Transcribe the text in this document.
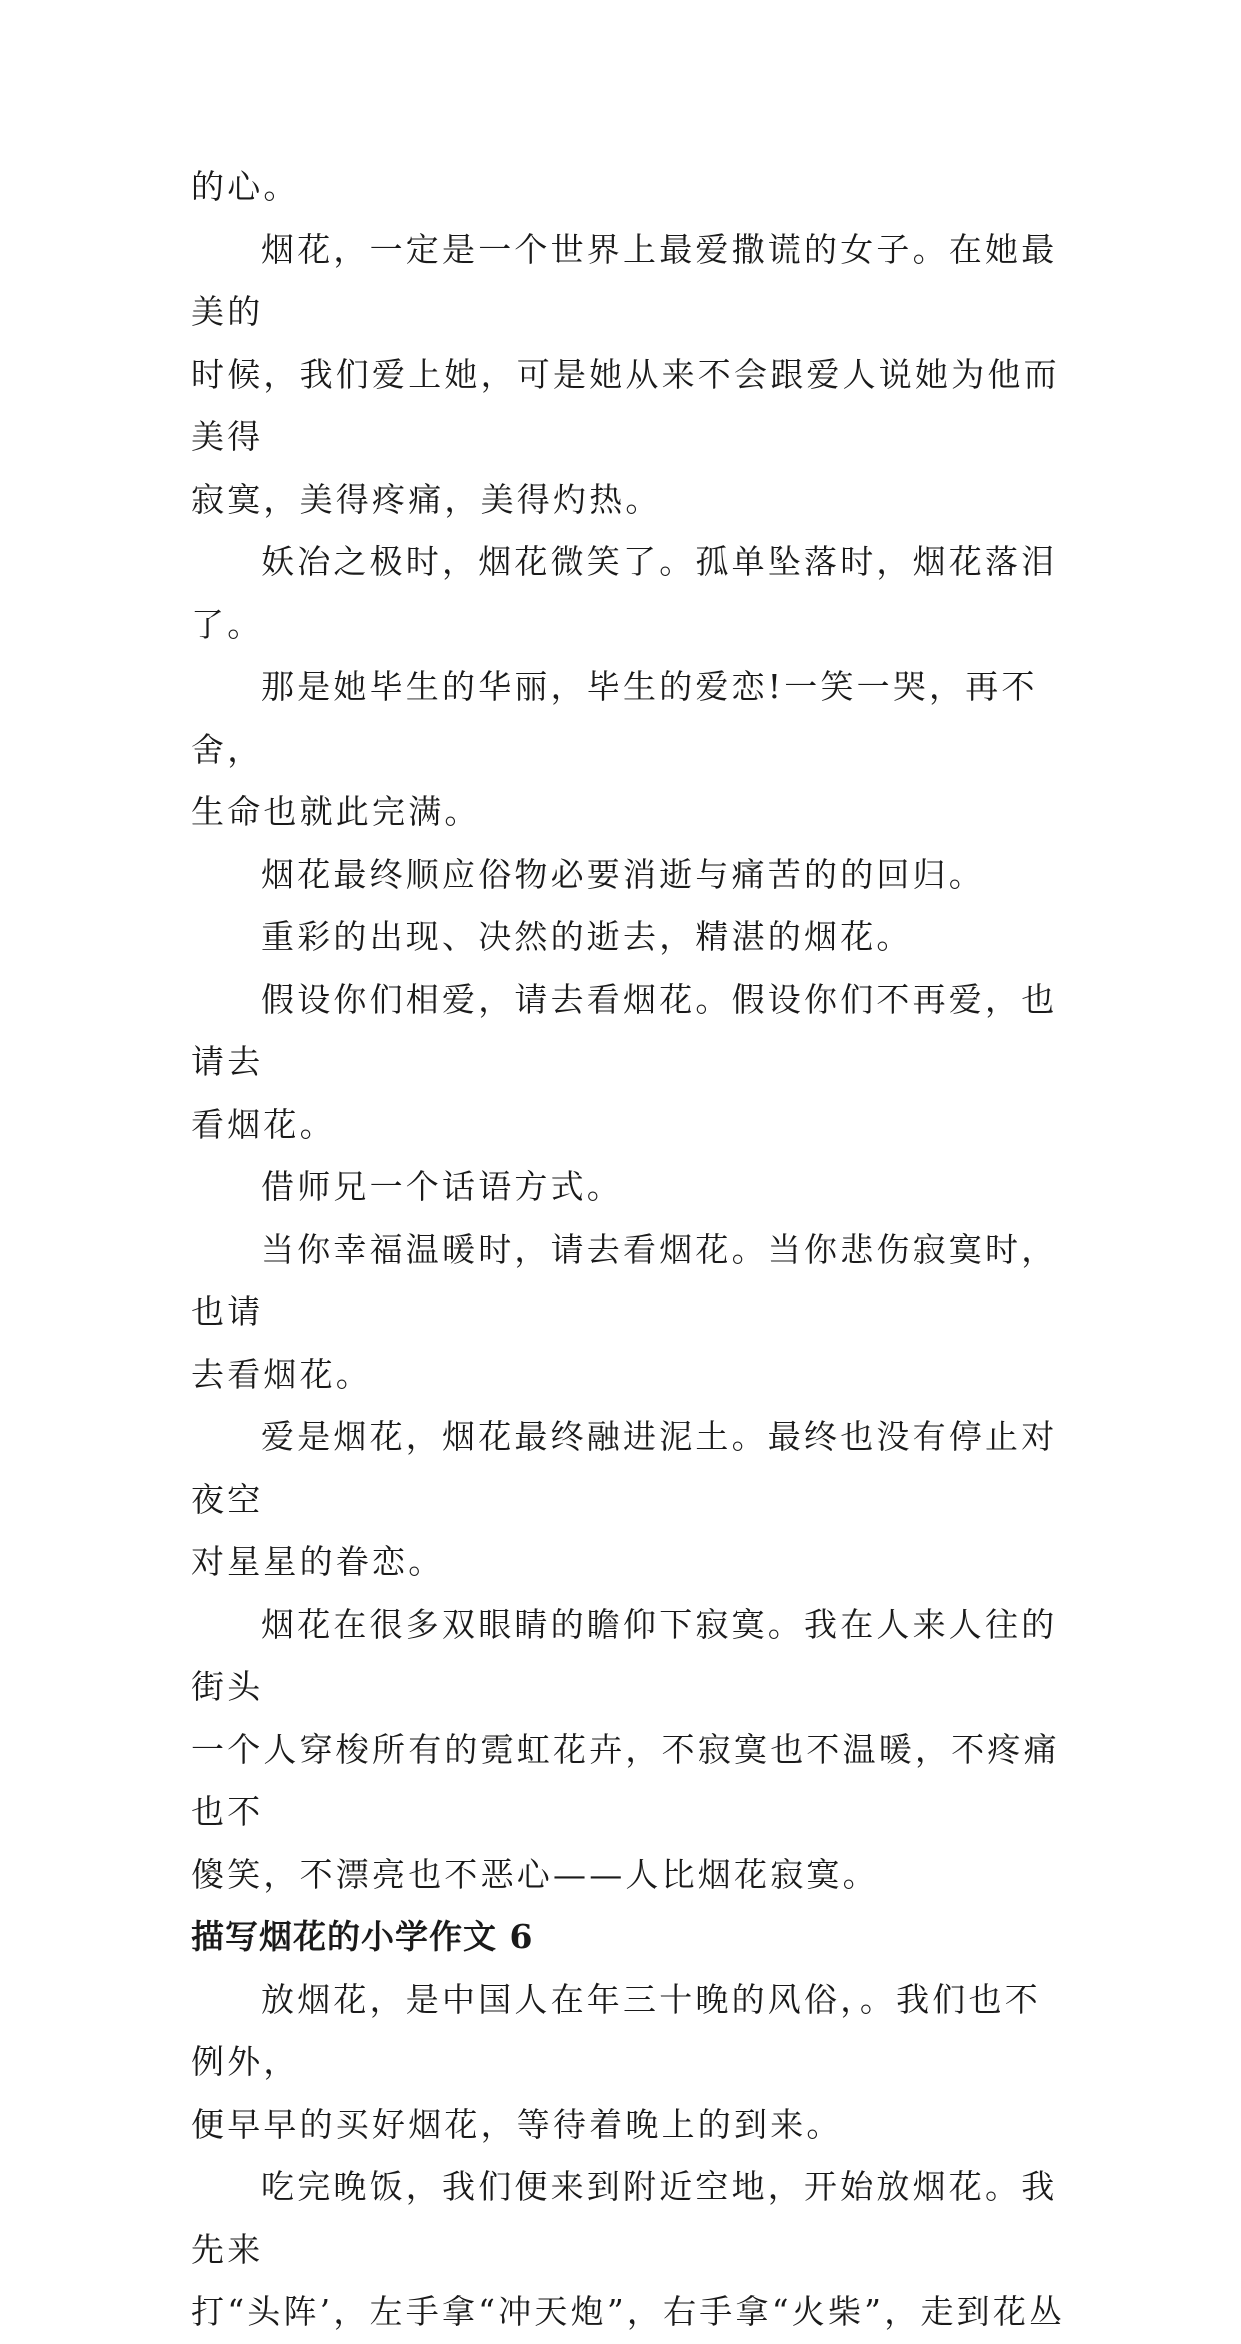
的心。

烟花，一定是一个世界上最爱撒谎的女子。在她最美的
时候，我们爱上她，可是她从来不会跟爱人说她为他而美得
寂寞，美得疼痛，美得灼热。

妖冶之极时，烟花微笑了。孤单坠落时，烟花落泪了。

那是她毕生的华丽，毕生的爱恋!一笑一哭，再不舍，
生命也就此完满。

烟花最终顺应俗物必要消逝与痛苦的的回归。

重彩的出现、决然的逝去，精湛的烟花。

假设你们相爱，请去看烟花。假设你们不再爱，也请去
看烟花。

借师兄一个话语方式。

当你幸福温暖时，请去看烟花。当你悲伤寂寞时，也请
去看烟花。

爱是烟花，烟花最终融进泥土。最终也没有停止对夜空
对星星的眷恋。

烟花在很多双眼睛的瞻仰下寂寞。我在人来人往的街头
一个人穿梭所有的霓虹花卉，不寂寞也不温暖，不疼痛也不
傻笑，不漂亮也不恶心——人比烟花寂寞。

描写烟花的小学作文 6

放烟花，是中国人在年三十晚的风俗，。我们也不例外，
便早早的买好烟花，等待着晚上的到来。

吃完晚饭，我们便来到附近空地，开始放烟花。我先来
打“头阵’，左手拿“冲天炮”，右手拿“火柴”，走到花丛
